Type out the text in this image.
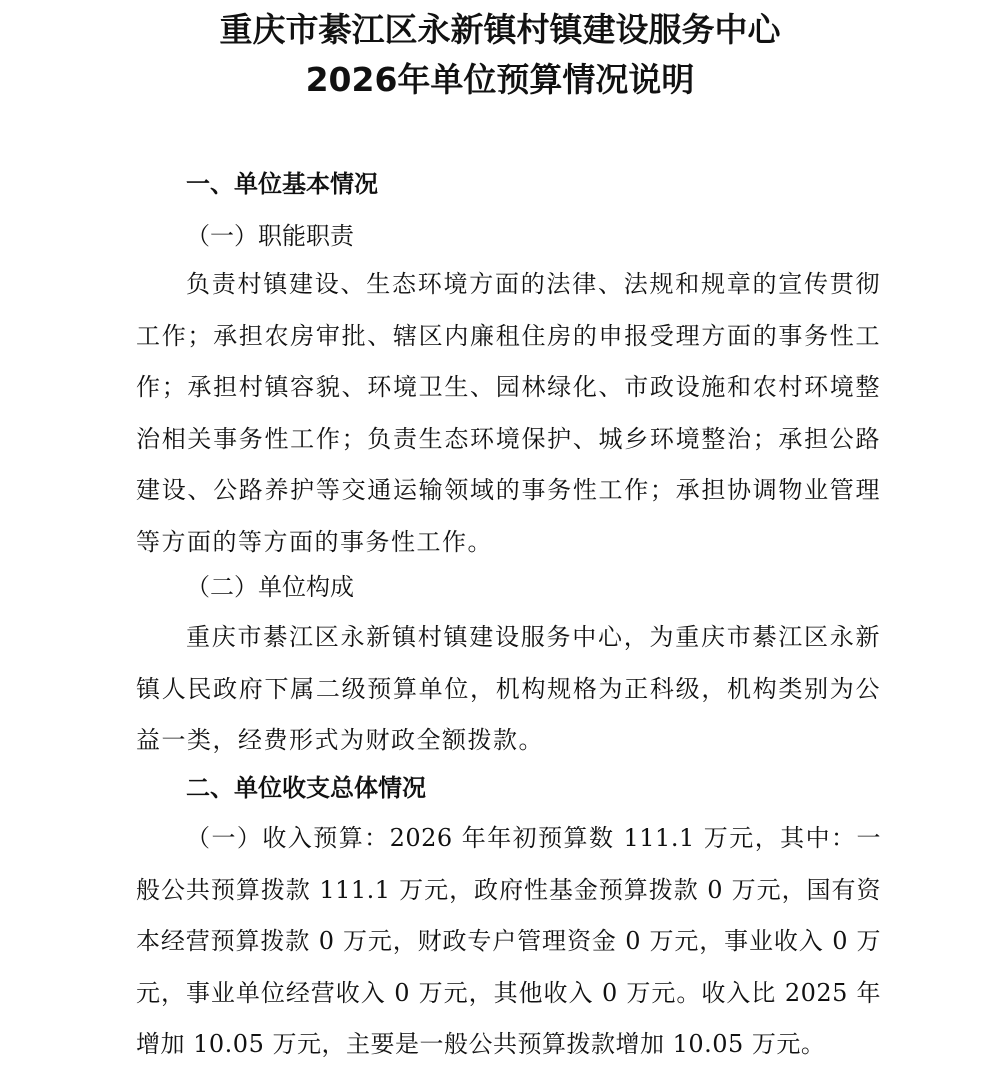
重庆市綦江区永新镇村镇建设服务中心
2026年单位预算情况说明
一、单位基本情况
（一）职能职责
负责村镇建设、生态环境方面的法律、法规和规章的宣传贯彻工作；承担农房审批、辖区内廉租住房的申报受理方面的事务性工作；承担村镇容貌、环境卫生、园林绿化、市政设施和农村环境整治相关事务性工作；负责生态环境保护、城乡环境整治；承担公路建设、公路养护等交通运输领域的事务性工作；承担协调物业管理等方面的等方面的事务性工作。
（二）单位构成
重庆市綦江区永新镇村镇建设服务中心，为重庆市綦江区永新镇人民政府下属二级预算单位，机构规格为正科级，机构类别为公益一类，经费形式为财政全额拨款。
二、单位收支总体情况
（一）收入预算：2026 年年初预算数 111.1 万元，其中：一般公共预算拨款 111.1 万元，政府性基金预算拨款 0 万元，国有资本经营预算拨款 0 万元，财政专户管理资金 0 万元，事业收入 0 万元，事业单位经营收入 0 万元，其他收入 0 万元。收入比 2025 年增加 10.05 万元，主要是一般公共预算拨款增加 10.05 万元。
